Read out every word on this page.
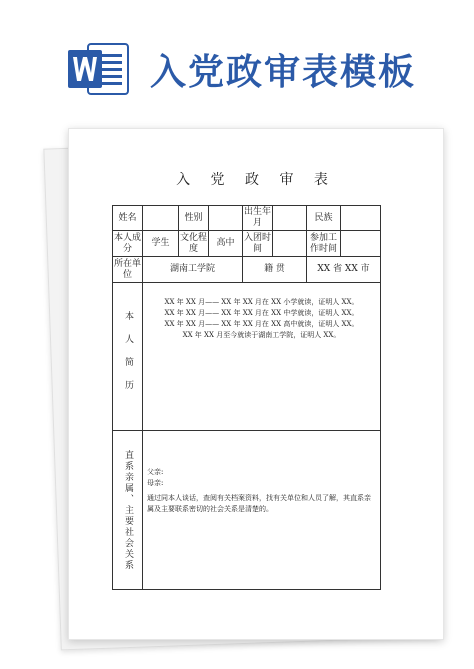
入党政审表模板
入 党 政 审 表
姓名		性别		出生年月		民族	
本人成分	学生	文化程度	高中	入团时间		参加工作时间	
所在单位	湖南工学院			籍 贯		XX 省 XX 市	

本人简历	XX 年 XX 月—— XX 年 XX 月在 XX 小学就读，证明人 XX。
XX 年 XX 月—— XX 年 XX 月在 XX 中学就读，证明人 XX。
XX 年 XX 月—— XX 年 XX 月在 XX 高中就读，证明人 XX。
XX 年 XX 月至今就读于湖南工学院，证明人 XX。						

直系亲属、主要社会关系	父亲:
母亲:
通过同本人谈话，查阅有关档案资料，找有关单位和人员了解，其直系亲属及主要联系密切的社会关系是清楚的。						
